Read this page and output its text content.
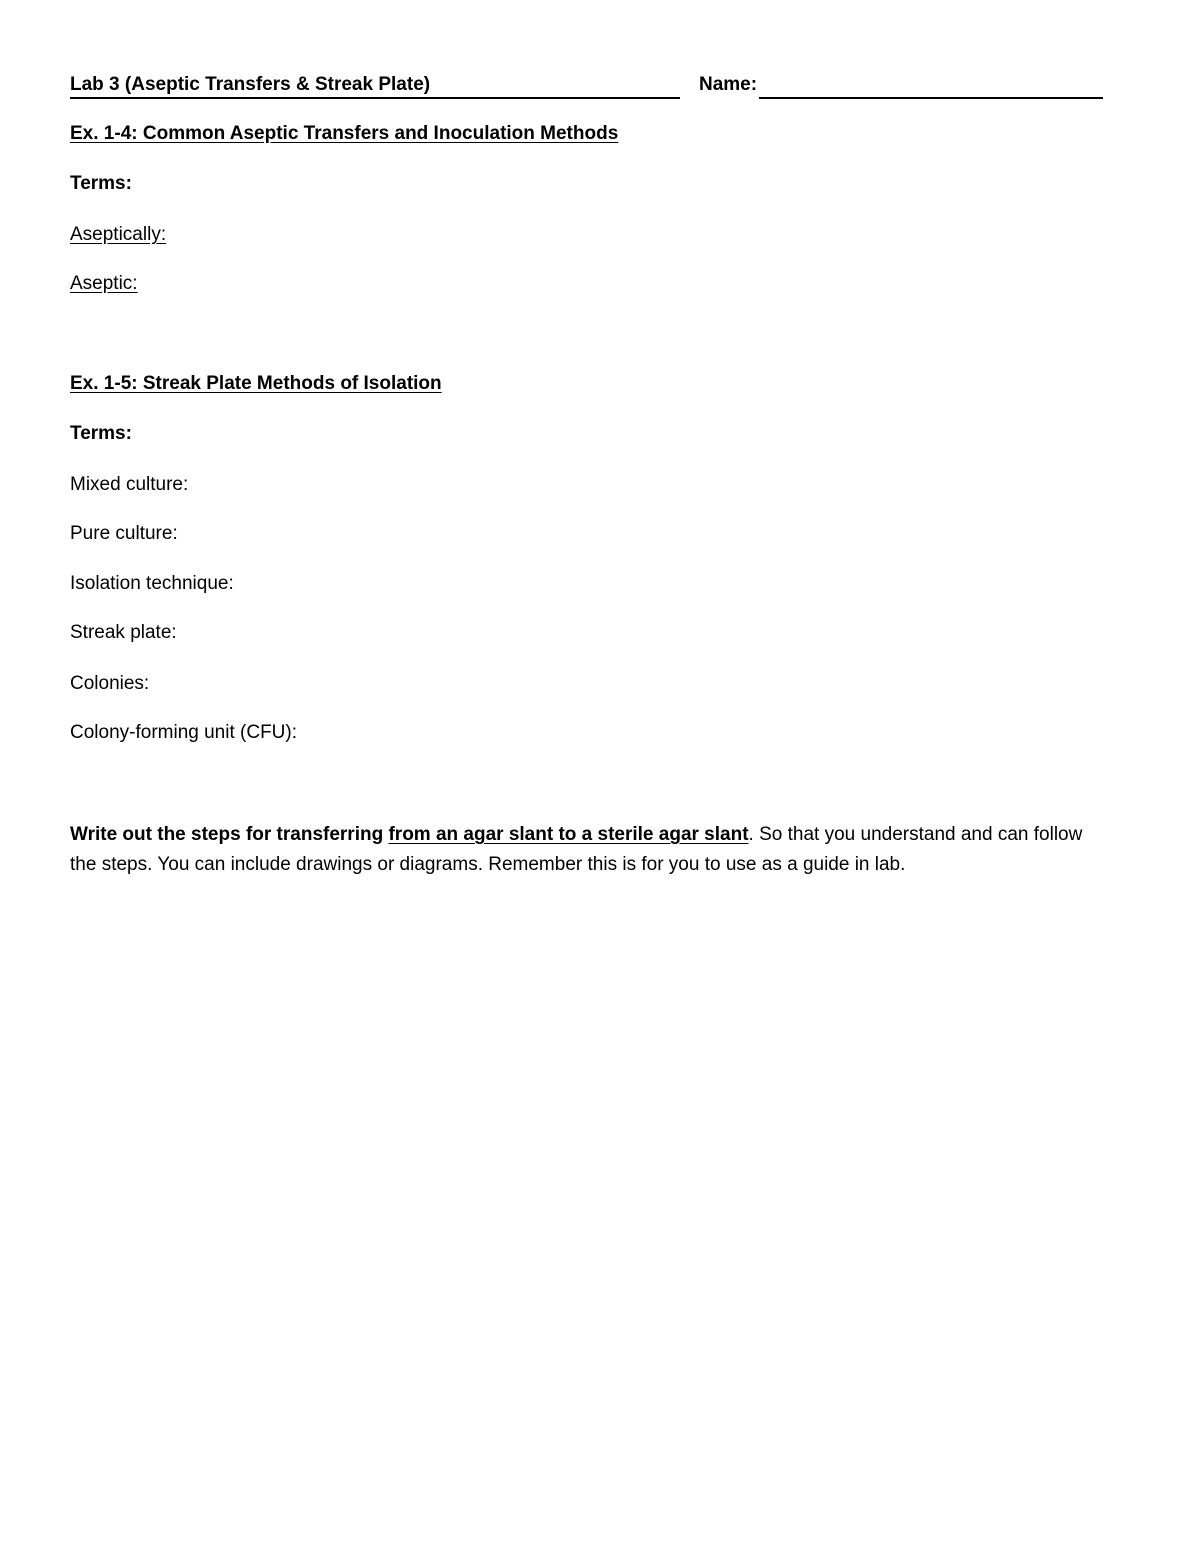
Lab 3 (Aseptic Transfers & Streak Plate)	Name:
Ex. 1-4: Common Aseptic Transfers and Inoculation Methods
Terms:
Aseptically:
Aseptic:
Ex. 1-5: Streak Plate Methods of Isolation
Terms:
Mixed culture:
Pure culture:
Isolation technique:
Streak plate:
Colonies:
Colony-forming unit (CFU):
Write out the steps for transferring from an agar slant to a sterile agar slant. So that you understand and can follow the steps. You can include drawings or diagrams. Remember this is for you to use as a guide in lab.
